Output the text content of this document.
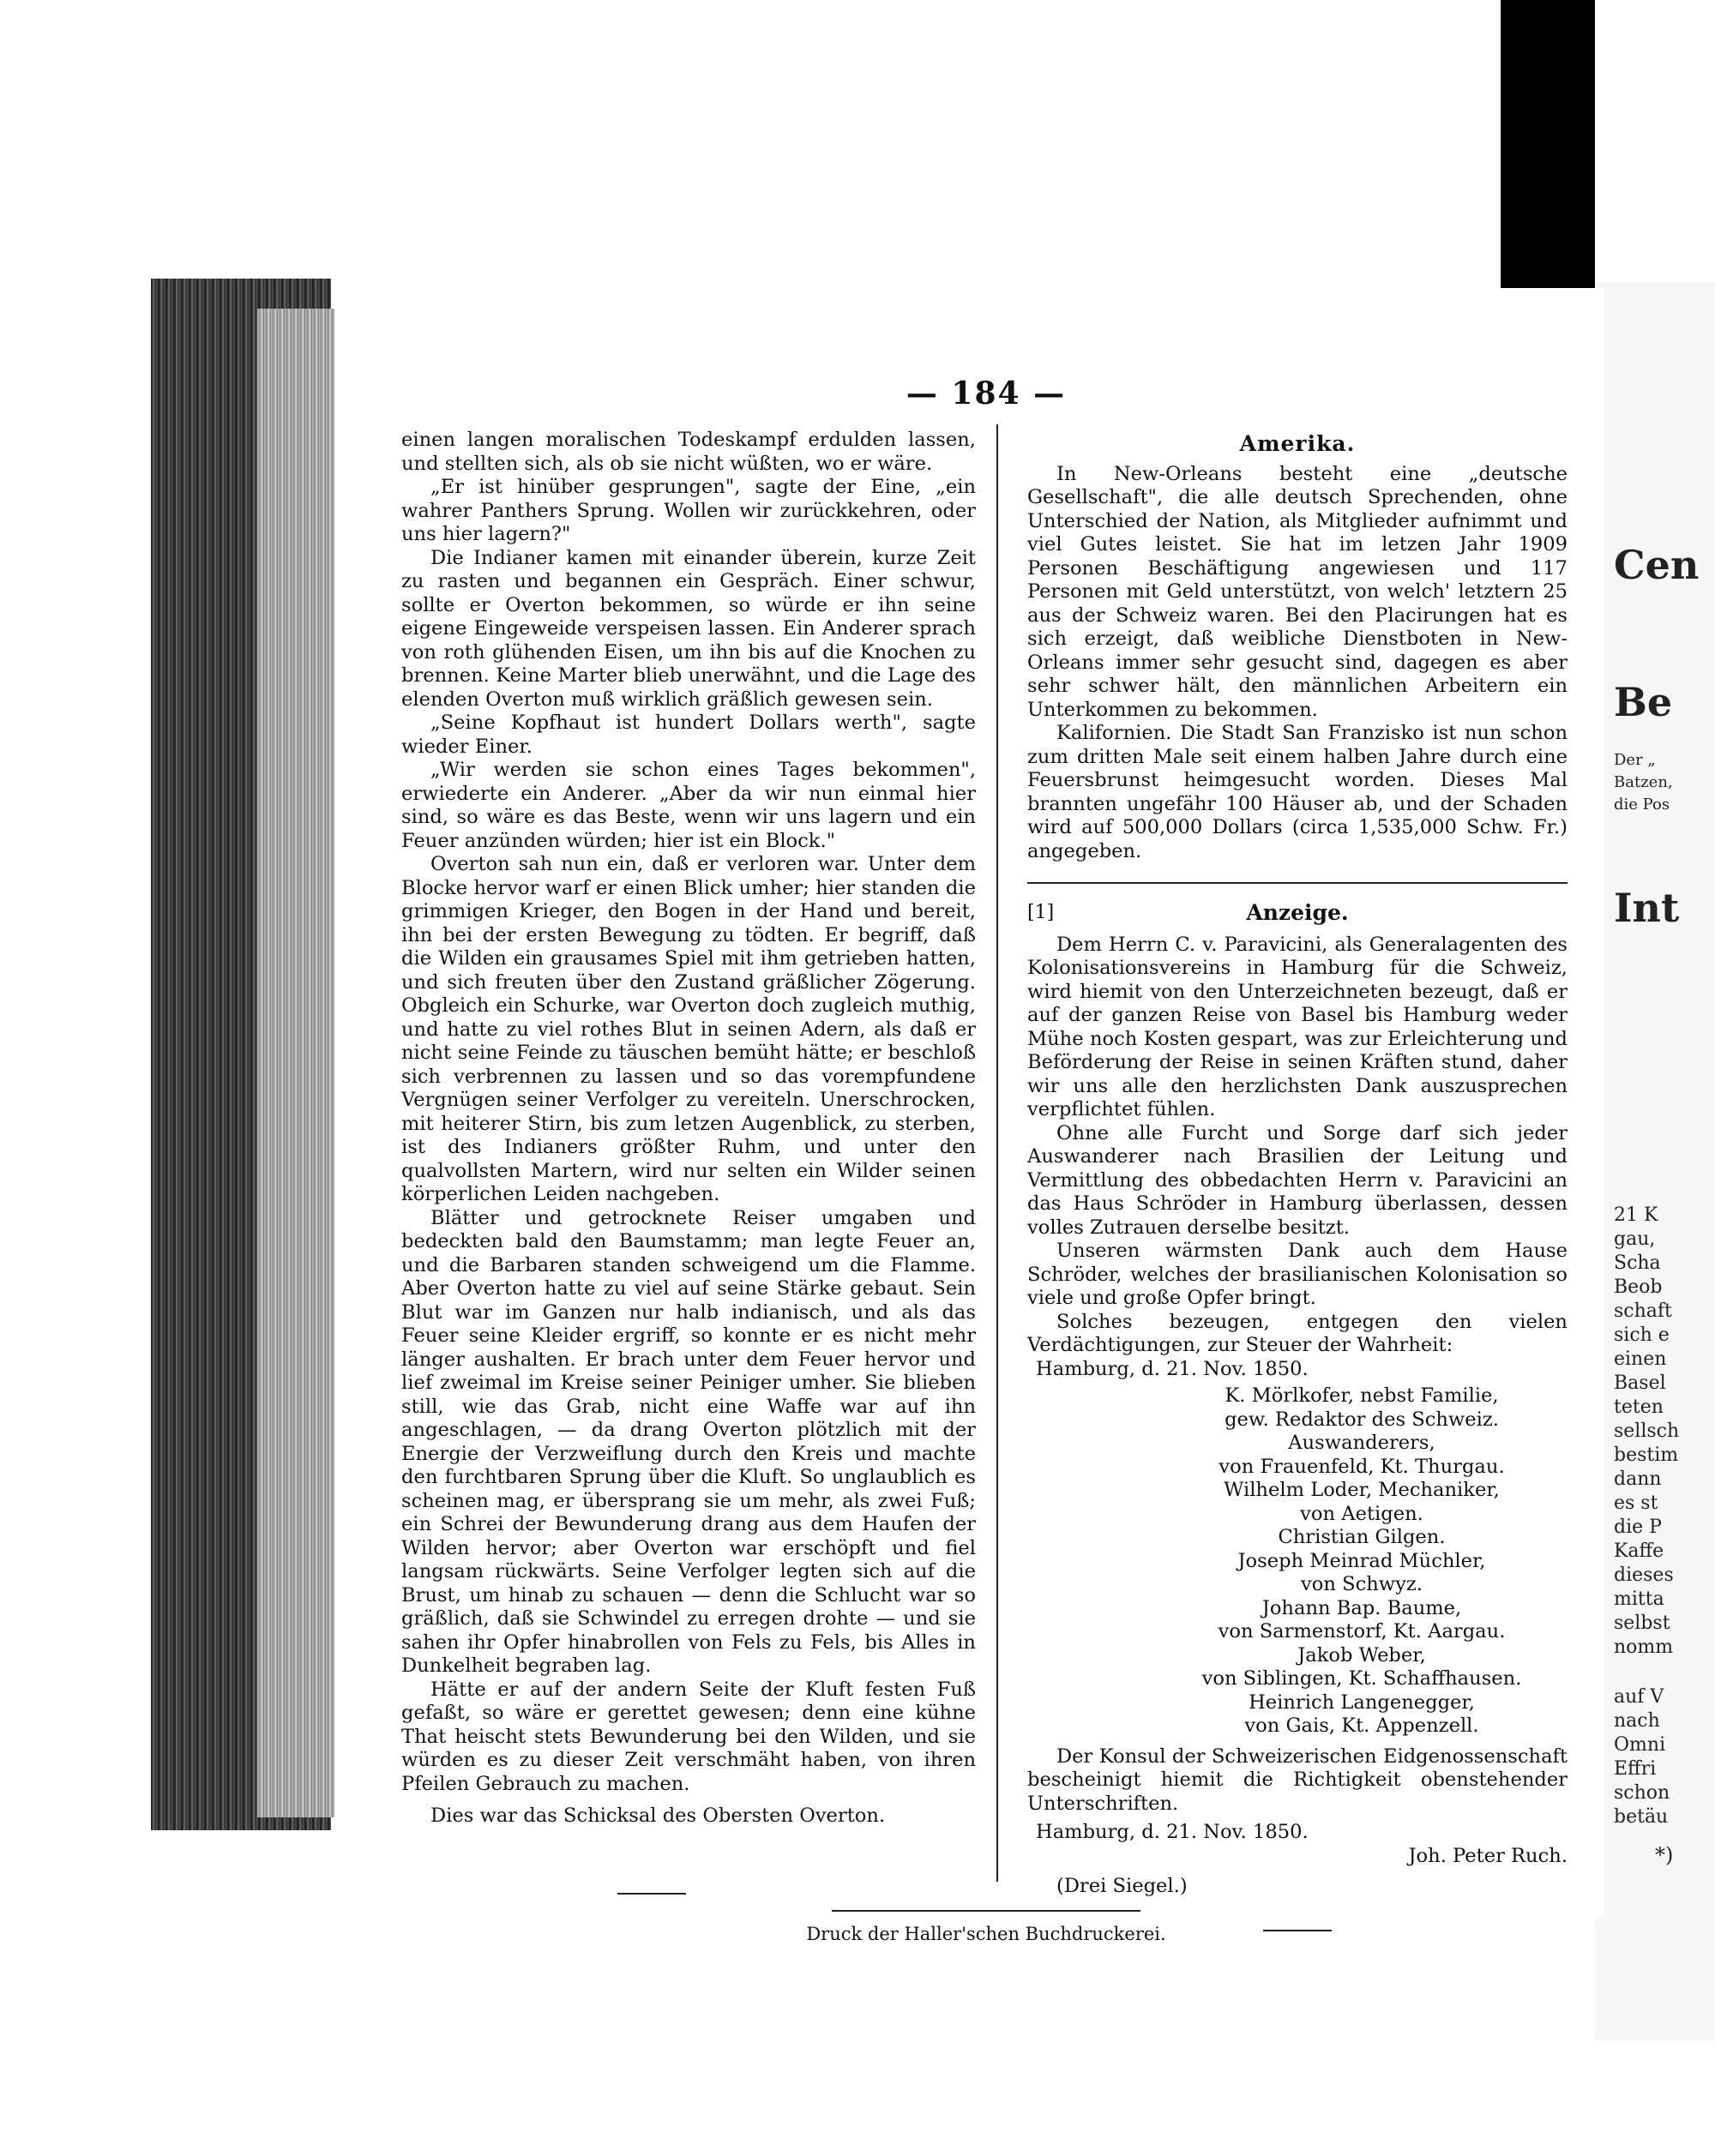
Cen
Be
Der „
Batzen,
die Pos
Int
21 K
gau,
Scha
Beob
schaft
sich e
einen
Basel
teten
sellsch
bestim
dann
es st
die P
Kaffe
dieses
mitta
selbst
nomm
auf V
nach
Omni
Effri
schon
betäu
*)
— 184 —

einen langen moralischen Todeskampf erdulden lassen, und stellten sich, als ob sie nicht wüßten, wo er wäre.

„Er ist hinüber gesprungen", sagte der Eine, „ein wahrer Panthers Sprung. Wollen wir zurückkehren, oder uns hier lagern?"

Die Indianer kamen mit einander überein, kurze Zeit zu rasten und begannen ein Gespräch. Einer schwur, sollte er Overton bekommen, so würde er ihn seine eigene Eingeweide verspeisen lassen. Ein Anderer sprach von roth glühenden Eisen, um ihn bis auf die Knochen zu brennen. Keine Marter blieb unerwähnt, und die Lage des elenden Overton muß wirklich gräßlich gewesen sein.

„Seine Kopfhaut ist hundert Dollars werth", sagte wieder Einer.

„Wir werden sie schon eines Tages bekommen", erwiederte ein Anderer. „Aber da wir nun einmal hier sind, so wäre es das Beste, wenn wir uns lagern und ein Feuer anzünden würden; hier ist ein Block."

Overton sah nun ein, daß er verloren war. Unter dem Blocke hervor warf er einen Blick umher; hier standen die grimmigen Krieger, den Bogen in der Hand und bereit, ihn bei der ersten Bewegung zu tödten. Er begriff, daß die Wilden ein grausames Spiel mit ihm getrieben hatten, und sich freuten über den Zustand gräßlicher Zögerung. Obgleich ein Schurke, war Overton doch zugleich muthig, und hatte zu viel rothes Blut in seinen Adern, als daß er nicht seine Feinde zu täuschen bemüht hätte; er beschloß sich verbrennen zu lassen und so das vorempfundene Vergnügen seiner Verfolger zu vereiteln. Unerschrocken, mit heiterer Stirn, bis zum letzen Augenblick, zu sterben, ist des Indianers größter Ruhm, und unter den qualvollsten Martern, wird nur selten ein Wilder seinen körperlichen Leiden nachgeben.

Blätter und getrocknete Reiser umgaben und bedeckten bald den Baumstamm; man legte Feuer an, und die Barbaren standen schweigend um die Flamme. Aber Overton hatte zu viel auf seine Stärke gebaut. Sein Blut war im Ganzen nur halb indianisch, und als das Feuer seine Kleider ergriff, so konnte er es nicht mehr länger aushalten. Er brach unter dem Feuer hervor und lief zweimal im Kreise seiner Peiniger umher. Sie blieben still, wie das Grab, nicht eine Waffe war auf ihn angeschlagen, — da drang Overton plötzlich mit der Energie der Verzweiflung durch den Kreis und machte den furchtbaren Sprung über die Kluft. So unglaublich es scheinen mag, er übersprang sie um mehr, als zwei Fuß; ein Schrei der Bewunderung drang aus dem Haufen der Wilden hervor; aber Overton war erschöpft und fiel langsam rückwärts. Seine Verfolger legten sich auf die Brust, um hinab zu schauen — denn die Schlucht war so gräßlich, daß sie Schwindel zu erregen drohte — und sie sahen ihr Opfer hinabrollen von Fels zu Fels, bis Alles in Dunkelheit begraben lag.

Hätte er auf der andern Seite der Kluft festen Fuß gefaßt, so wäre er gerettet gewesen; denn eine kühne That heischt stets Bewunderung bei den Wilden, und sie würden es zu dieser Zeit verschmäht haben, von ihren Pfeilen Gebrauch zu machen.

Dies war das Schicksal des Obersten Overton.

Amerika.

In New-Orleans besteht eine „deutsche Gesellschaft", die alle deutsch Sprechenden, ohne Unterschied der Nation, als Mitglieder aufnimmt und viel Gutes leistet. Sie hat im letzen Jahr 1909 Personen Beschäftigung angewiesen und 117 Personen mit Geld unterstützt, von welch' letztern 25 aus der Schweiz waren. Bei den Placirungen hat es sich erzeigt, daß weibliche Dienstboten in New-Orleans immer sehr gesucht sind, dagegen es aber sehr schwer hält, den männlichen Arbeitern ein Unterkommen zu bekommen.

Kalifornien. Die Stadt San Franzisko ist nun schon zum dritten Male seit einem halben Jahre durch eine Feuersbrunst heimgesucht worden. Dieses Mal brannten ungefähr 100 Häuser ab, und der Schaden wird auf 500,000 Dollars (circa 1,535,000 Schw. Fr.) angegeben.

[1]	Anzeige.

Dem Herrn C. v. Paravicini, als Generalagenten des Kolonisationsvereins in Hamburg für die Schweiz, wird hiemit von den Unterzeichneten bezeugt, daß er auf der ganzen Reise von Basel bis Hamburg weder Mühe noch Kosten gespart, was zur Erleichterung und Beförderung der Reise in seinen Kräften stund, daher wir uns alle den herzlichsten Dank auszusprechen verpflichtet fühlen.

Ohne alle Furcht und Sorge darf sich jeder Auswanderer nach Brasilien der Leitung und Vermittlung des obbedachten Herrn v. Paravicini an das Haus Schröder in Hamburg überlassen, dessen volles Zutrauen derselbe besitzt.

Unseren wärmsten Dank auch dem Hause Schröder, welches der brasilianischen Kolonisation so viele und große Opfer bringt.

Solches bezeugen, entgegen den vielen Verdächtigungen, zur Steuer der Wahrheit:

Hamburg, d. 21. Nov. 1850.

K. Mörlkofer, nebst Familie,

gew. Redaktor des Schweiz. Auswanderers,

von Frauenfeld, Kt. Thurgau.

Wilhelm Loder, Mechaniker,

von Aetigen.

Christian Gilgen.

Joseph Meinrad Müchler,

von Schwyz.

Johann Bap. Baume,

von Sarmenstorf, Kt. Aargau.

Jakob Weber,

von Siblingen, Kt. Schaffhausen.

Heinrich Langenegger,

von Gais, Kt. Appenzell.

Der Konsul der Schweizerischen Eidgenossenschaft bescheinigt hiemit die Richtigkeit obenstehender Unterschriften.

Hamburg, d. 21. Nov. 1850.

Joh. Peter Ruch.

(Drei Siegel.)

Druck der Haller'schen Buchdruckerei.
